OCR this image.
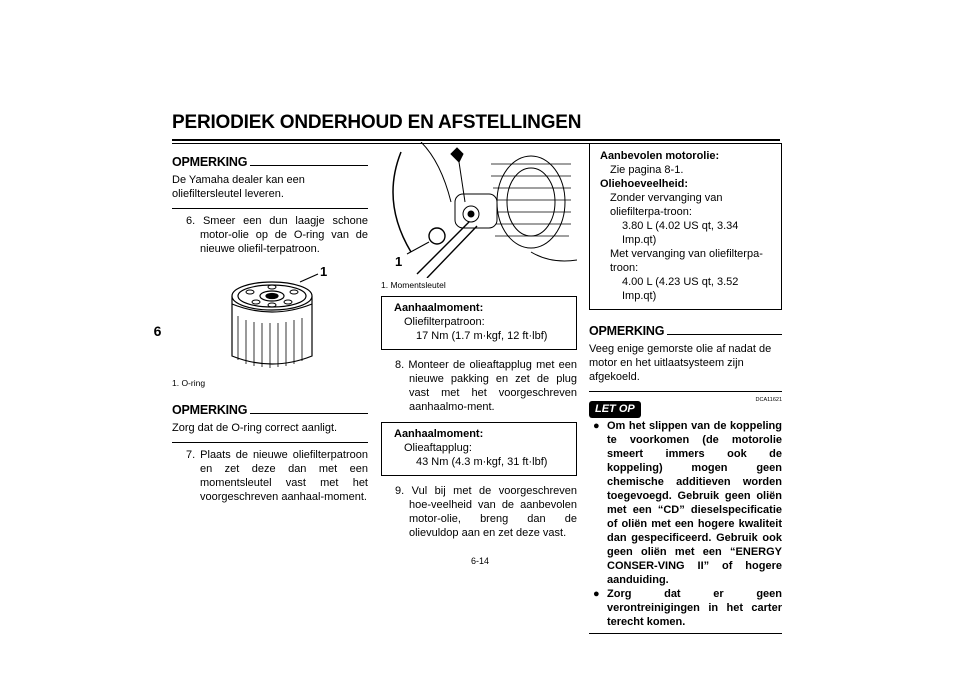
PERIODIEK ONDERHOUD EN AFSTELLINGEN
6
OPMERKING
De Yamaha dealer kan een oliefiltersleutel leveren.
6. Smeer een dun laagje schone motor-olie op de O-ring van de nieuwe oliefil-terpatroon.
1
1. O-ring
OPMERKING
Zorg dat de O-ring correct aanligt.
7. Plaats de nieuwe oliefilterpatroon en zet deze dan met een momentsleutel vast met het voorgeschreven aanhaal-moment.
1
1. Momentsleutel
Aanhaalmoment:
Oliefilterpatroon:
17 Nm (1.7 m·kgf, 12 ft·lbf)
8. Monteer de olieaftapplug met een nieuwe pakking en zet de plug vast met het voorgeschreven aanhaalmo-ment.
Aanhaalmoment:
Olieaftapplug:
43 Nm (4.3 m·kgf, 31 ft·lbf)
9. Vul bij met de voorgeschreven hoe-veelheid van de aanbevolen motor-olie, breng dan de olievuldop aan en zet deze vast.
Aanbevolen motorolie:
Zie pagina 8-1.
Oliehoeveelheid:
Zonder vervanging van oliefilterpa-troon:
3.80 L (4.02 US qt, 3.34 Imp.qt)
Met vervanging van oliefilterpa-troon:
4.00 L (4.23 US qt, 3.52 Imp.qt)
OPMERKING
Veeg enige gemorste olie af nadat de motor en het uitlaatsysteem zijn afgekoeld.
LET OP
DCA11621
● Om het slippen van de koppeling te voorkomen (de motorolie smeert immers ook de koppeling) mogen geen chemische additieven worden toegevoegd. Gebruik geen oliën met een “CD” dieselspecificatie of oliën met een hogere kwaliteit dan gespecificeerd. Gebruik ook geen oliën met een “ENERGY CONSER-VING II” of hogere aanduiding.
● Zorg dat er geen verontreinigingen in het carter terecht komen.
6-14
